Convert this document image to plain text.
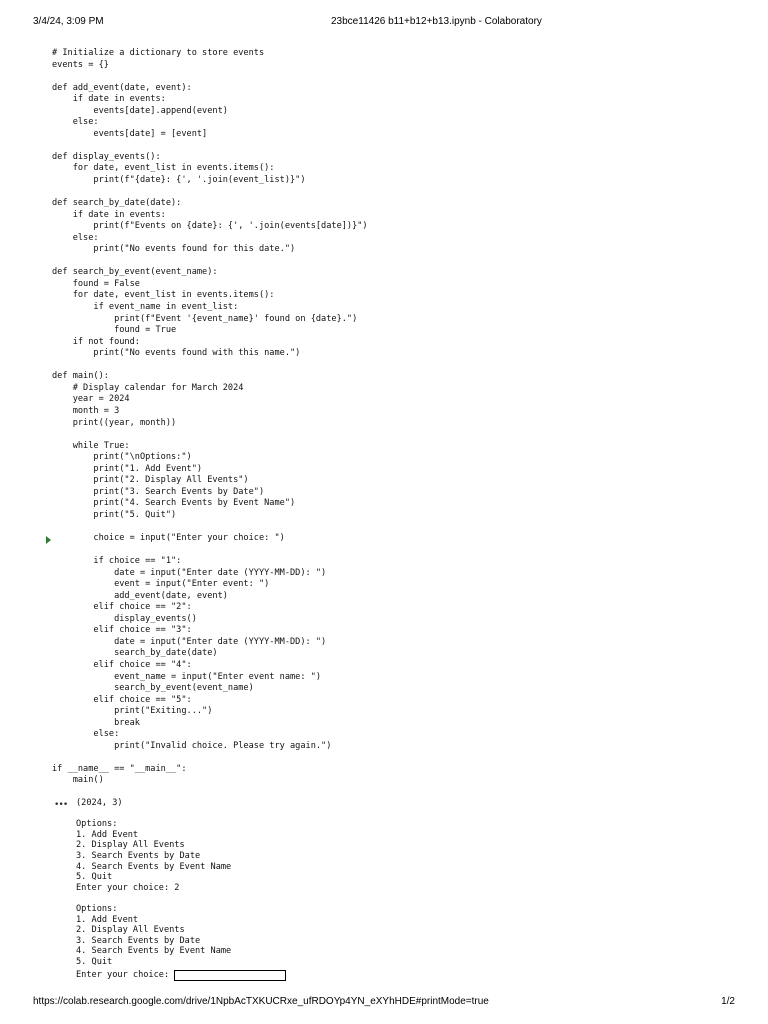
3/4/24, 3:09 PM	23bce11426 b11+b12+b13.ipynb - Colaboratory
# Initialize a dictionary to store events
events = {}

def add_event(date, event):
if date in events:
events[date].append(event)
else:
events[date] = [event]

def display_events():
for date, event_list in events.items():
print(f"{date}: {', '.join(event_list)}")

def search_by_date(date):
if date in events:
print(f"Events on {date}: {', '.join(events[date])}")
else:
print("No events found for this date.")

def search_by_event(event_name):
found = False
for date, event_list in events.items():
if event_name in event_list:
print(f"Event '{event_name}' found on {date}.")
found = True
if not found:
print("No events found with this name.")

def main():
# Display calendar for March 2024
year = 2024
month = 3
print((year, month))

while True:
print("\nOptions:")
print("1. Add Event")
print("2. Display All Events")
print("3. Search Events by Date")
print("4. Search Events by Event Name")
print("5. Quit")

choice = input("Enter your choice: ")

if choice == "1":
date = input("Enter date (YYYY-MM-DD): ")
event = input("Enter event: ")
add_event(date, event)
elif choice == "2":
display_events()
elif choice == "3":
date = input("Enter date (YYYY-MM-DD): ")
search_by_date(date)
elif choice == "4":
event_name = input("Enter event name: ")
search_by_event(event_name)
elif choice == "5":
print("Exiting...")
break
else:
print("Invalid choice. Please try again.")

if __name__ == "__main__":
main()
••• (2024, 3)

Options:
1. Add Event
2. Display All Events
3. Search Events by Date
4. Search Events by Event Name
5. Quit
Enter your choice: 2

Options:
1. Add Event
2. Display All Events
3. Search Events by Date
4. Search Events by Event Name
5. Quit
$^{Enter your choice:}$
https://colab.research.google.com/drive/1NpbAcTXKUCRxe_ufRDOYp4YN_eXYhHDE#printMode=true	1/2
